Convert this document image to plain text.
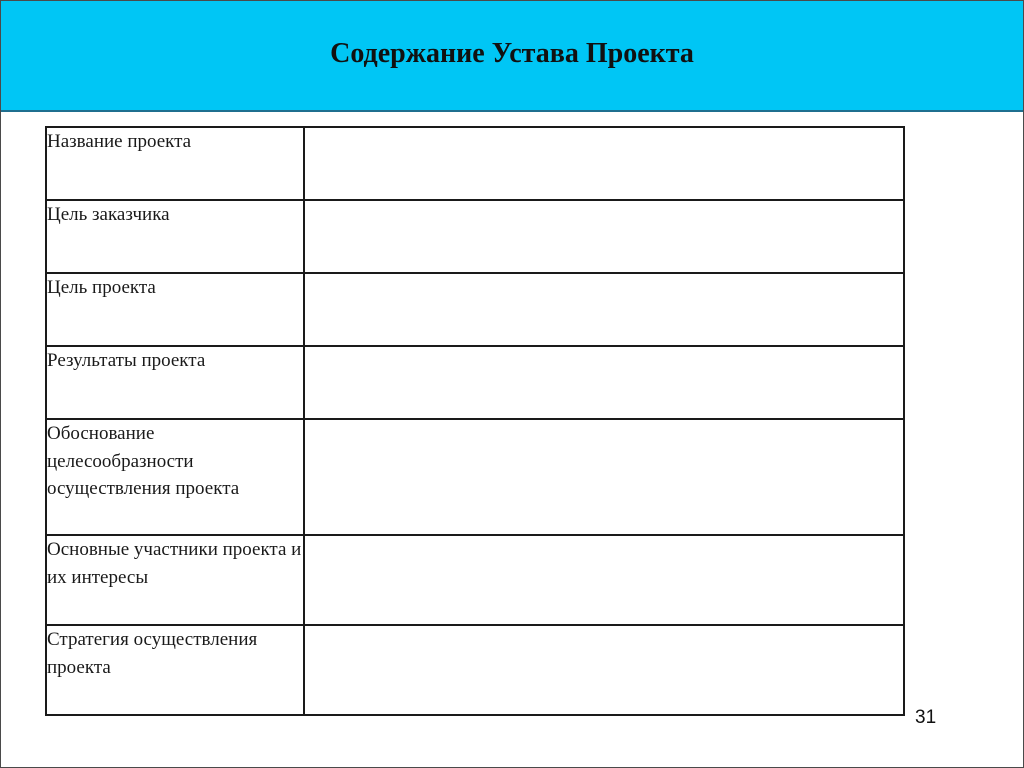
Содержание Устава Проекта
Название проекта	
Цель заказчика	
Цель проекта	
Результаты проекта	
Обоснование целесообразности осуществления проекта	
Основные участники проекта и их интересы	
Стратегия осуществления проекта	
31
